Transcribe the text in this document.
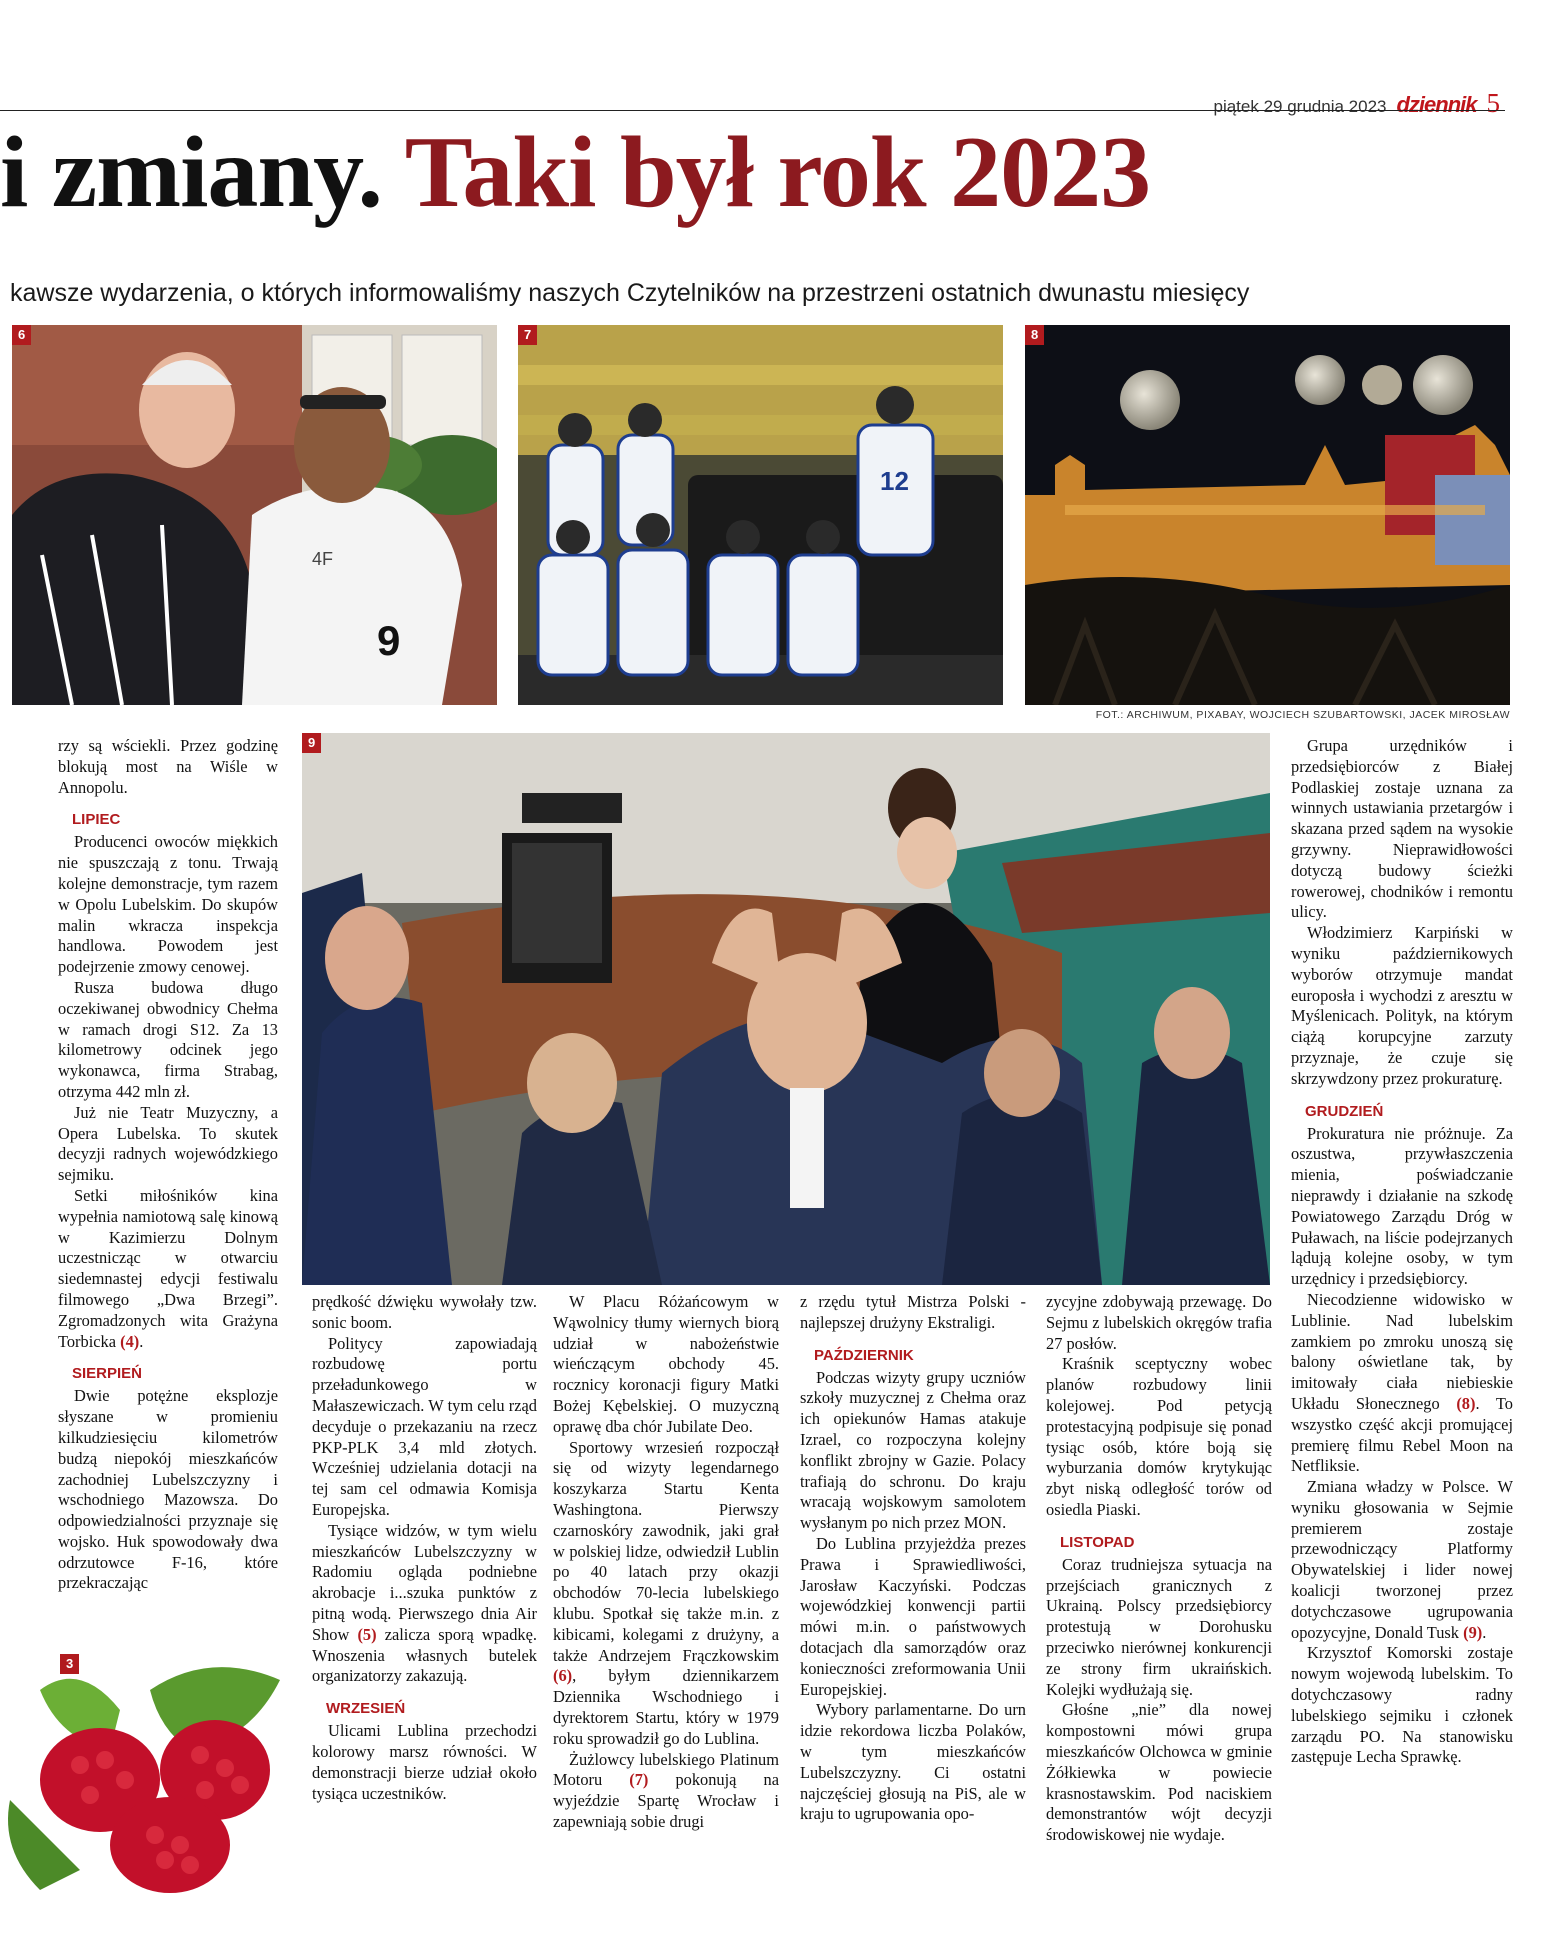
piątek 29 grudnia 2023 dziennik 5
i zmiany. Taki był rok 2023
kawsze wydarzenia, o których informowaliśmy naszych Czytelników na przestrzeni ostatnich dwunastu miesięcy
9
4F
6
12
7	8
FOT.: ARCHIWUM, PIXABAY, WOJCIECH SZUBARTOWSKI, JACEK MIROSŁAW
9
3

rzy są wściekli. Przez godzinę blokują most na Wiśle w Annopolu.

LIPIEC

Producenci owoców miękkich nie spuszczają z tonu. Trwają kolejne demonstracje, tym razem w Opolu Lubelskim. Do skupów malin wkracza inspekcja handlowa. Powodem jest podejrzenie zmowy cenowej.

Rusza budowa długo oczekiwanej obwodnicy Chełma w ramach drogi S12. Za 13 kilometrowy odcinek jego wykonawca, firma Strabag, otrzyma 442 mln zł.

Już nie Teatr Muzyczny, a Opera Lubelska. To skutek decyzji radnych wojewódzkiego sejmiku.

Setki miłośników kina wypełnia namiotową salę kinową w Kazimierzu Dolnym uczestnicząc w otwarciu siedemnastej edycji festiwalu filmowego „Dwa Brzegi”. Zgromadzonych wita Grażyna Torbicka (4).

SIERPIEŃ

Dwie potężne eksplozje słyszane w promieniu kilkudziesięciu kilometrów budzą niepokój mieszkańców zachodniej Lubelszczyzny i wschodniego Mazowsza. Do odpowiedzialności przyznaje się wojsko. Huk spowodowały dwa odrzutowce F-16, które przekraczając

prędkość dźwięku wywołały tzw. sonic boom.

Politycy zapowiadają rozbudowę portu przeładunkowego w Małaszewiczach. W tym celu rząd decyduje o przekazaniu na rzecz PKP-PLK 3,4 mld złotych. Wcześniej udzielania dotacji na tej sam cel odmawia Komisja Europejska.

Tysiące widzów, w tym wielu mieszkańców Lubelszczyzny w Radomiu ogląda podniebne akrobacje i...szuka punktów z pitną wodą. Pierwszego dnia Air Show (5) zalicza sporą wpadkę. Wnoszenia własnych butelek organizatorzy zakazują.

WRZESIEŃ

Ulicami Lublina przechodzi kolorowy marsz równości. W demonstracji bierze udział około tysiąca uczestników.

W Placu Różańcowym w Wąwolnicy tłumy wiernych biorą udział w nabożeństwie wieńczącym obchody 45. rocznicy koronacji figury Matki Bożej Kębelskiej. O muzyczną oprawę dba chór Jubilate Deo.

Sportowy wrzesień rozpoczął się od wizyty legendarnego koszykarza Startu Kenta Washingtona. Pierwszy czarnoskóry zawodnik, jaki grał w polskiej lidze, odwiedził Lublin po 40 latach przy okazji obchodów 70-lecia lubelskiego klubu. Spotkał się także m.in. z kibicami, kolegami z drużyny, a także Andrzejem Frączkowskim (6), byłym dziennikarzem Dziennika Wschodniego i dyrektorem Startu, który w 1979 roku sprowadził go do Lublina.

Żużlowcy lubelskiego Platinum Motoru (7) pokonują na wyjeździe Spartę Wrocław i zapewniają sobie drugi

z rzędu tytuł Mistrza Polski - najlepszej drużyny Ekstraligi.

PAŹDZIERNIK

Podczas wizyty grupy uczniów szkoły muzycznej z Chełma oraz ich opiekunów Hamas atakuje Izrael, co rozpoczyna kolejny konflikt zbrojny w Gazie. Polacy trafiają do schronu. Do kraju wracają wojskowym samolotem wysłanym po nich przez MON.

Do Lublina przyjeżdża prezes Prawa i Sprawiedliwości, Jarosław Kaczyński. Podczas wojewódzkiej konwencji partii mówi m.in. o państwowych dotacjach dla samorządów oraz konieczności zreformowania Unii Europejskiej.

Wybory parlamentarne. Do urn idzie rekordowa liczba Polaków, w tym mieszkańców Lubelszczyzny. Ci ostatni najczęściej głosują na PiS, ale w kraju to ugrupowania opo-

zycyjne zdobywają przewagę. Do Sejmu z lubelskich okręgów trafia 27 posłów.

Kraśnik sceptyczny wobec planów rozbudowy linii kolejowej. Pod petycją protestacyjną podpisuje się ponad tysiąc osób, które boją się wyburzania domów krytykując zbyt niską odległość torów od osiedla Piaski.

LISTOPAD

Coraz trudniejsza sytuacja na przejściach granicznych z Ukrainą. Polscy przedsiębiorcy protestują w Dorohusku przeciwko nierównej konkurencji ze strony firm ukraińskich. Kolejki wydłużają się.

Głośne „nie” dla nowej kompostowni mówi grupa mieszkańców Olchowca w gminie Żółkiewka w powiecie krasnostawskim. Pod naciskiem demonstrantów wójt decyzji środowiskowej nie wydaje.

Grupa urzędników i przedsiębiorców z Białej Podlaskiej zostaje uznana za winnych ustawiania przetargów i skazana przed sądem na wysokie grzywny. Nieprawidłowości dotyczą budowy ścieżki rowerowej, chodników i remontu ulicy.

Włodzimierz Karpiński w wyniku październikowych wyborów otrzymuje mandat europosła i wychodzi z aresztu w Myślenicach. Polityk, na którym ciążą korupcyjne zarzuty przyznaje, że czuje się skrzywdzony przez prokuraturę.

GRUDZIEŃ

Prokuratura nie próżnuje. Za oszustwa, przywłaszczenia mienia, poświadczanie nieprawdy i działanie na szkodę Powiatowego Zarządu Dróg w Puławach, na liście podejrzanych lądują kolejne osoby, w tym urzędnicy i przedsiębiorcy.

Niecodzienne widowisko w Lublinie. Nad lubelskim zamkiem po zmroku unoszą się balony oświetlane tak, by imitowały ciała niebieskie Układu Słonecznego (8). To wszystko część akcji promującej premierę filmu Rebel Moon na Netfliksie.

Zmiana władzy w Polsce. W wyniku głosowania w Sejmie premierem zostaje przewodniczący Platformy Obywatelskiej i lider nowej koalicji tworzonej przez dotychczasowe ugrupowania opozycyjne, Donald Tusk (9).

Krzysztof Komorski zostaje nowym wojewodą lubelskim. To dotychczasowy radny lubelskiego sejmiku i członek zarządu PO. Na stanowisku zastępuje Lecha Sprawkę.
